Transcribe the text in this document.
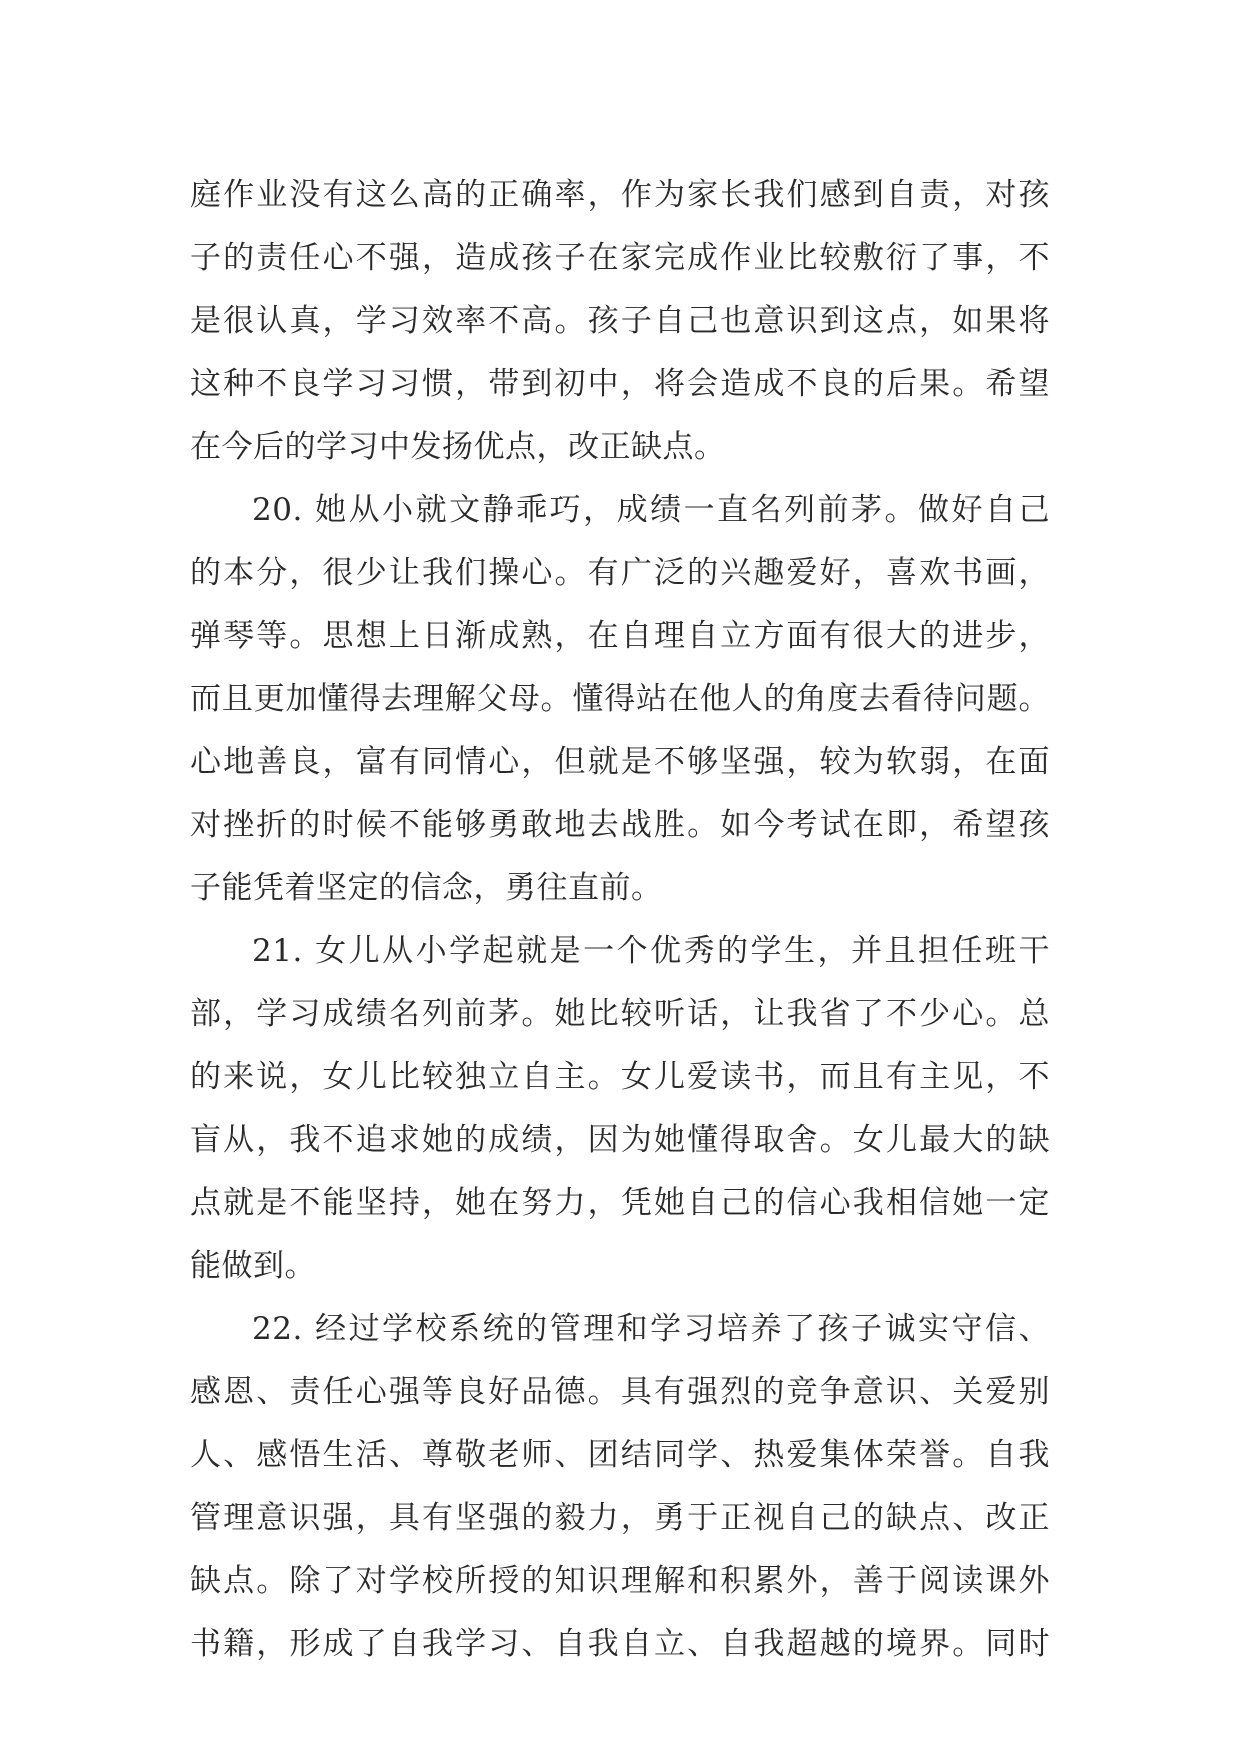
庭作业没有这么高的正确率，作为家长我们感到自责，对孩
子的责任心不强，造成孩子在家完成作业比较敷衍了事，不
是很认真，学习效率不高。孩子自己也意识到这点，如果将
这种不良学习习惯，带到初中，将会造成不良的后果。希望
在今后的学习中发扬优点，改正缺点。
20. 她从小就文静乖巧，成绩一直名列前茅。做好自己
的本分，很少让我们操心。有广泛的兴趣爱好，喜欢书画，
弹琴等。思想上日渐成熟，在自理自立方面有很大的进步，
而且更加懂得去理解父母。懂得站在他人的角度去看待问题。
心地善良，富有同情心，但就是不够坚强，较为软弱，在面
对挫折的时候不能够勇敢地去战胜。如今考试在即，希望孩
子能凭着坚定的信念，勇往直前。
21. 女儿从小学起就是一个优秀的学生，并且担任班干
部，学习成绩名列前茅。她比较听话，让我省了不少心。总
的来说，女儿比较独立自主。女儿爱读书，而且有主见，不
盲从，我不追求她的成绩，因为她懂得取舍。女儿最大的缺
点就是不能坚持，她在努力，凭她自己的信心我相信她一定
能做到。
22. 经过学校系统的管理和学习培养了孩子诚实守信、
感恩、责任心强等良好品德。具有强烈的竞争意识、关爱别
人、感悟生活、尊敬老师、团结同学、热爱集体荣誉。自我
管理意识强，具有坚强的毅力，勇于正视自己的缺点、改正
缺点。除了对学校所授的知识理解和积累外，善于阅读课外
书籍，形成了自我学习、自我自立、自我超越的境界。同时
